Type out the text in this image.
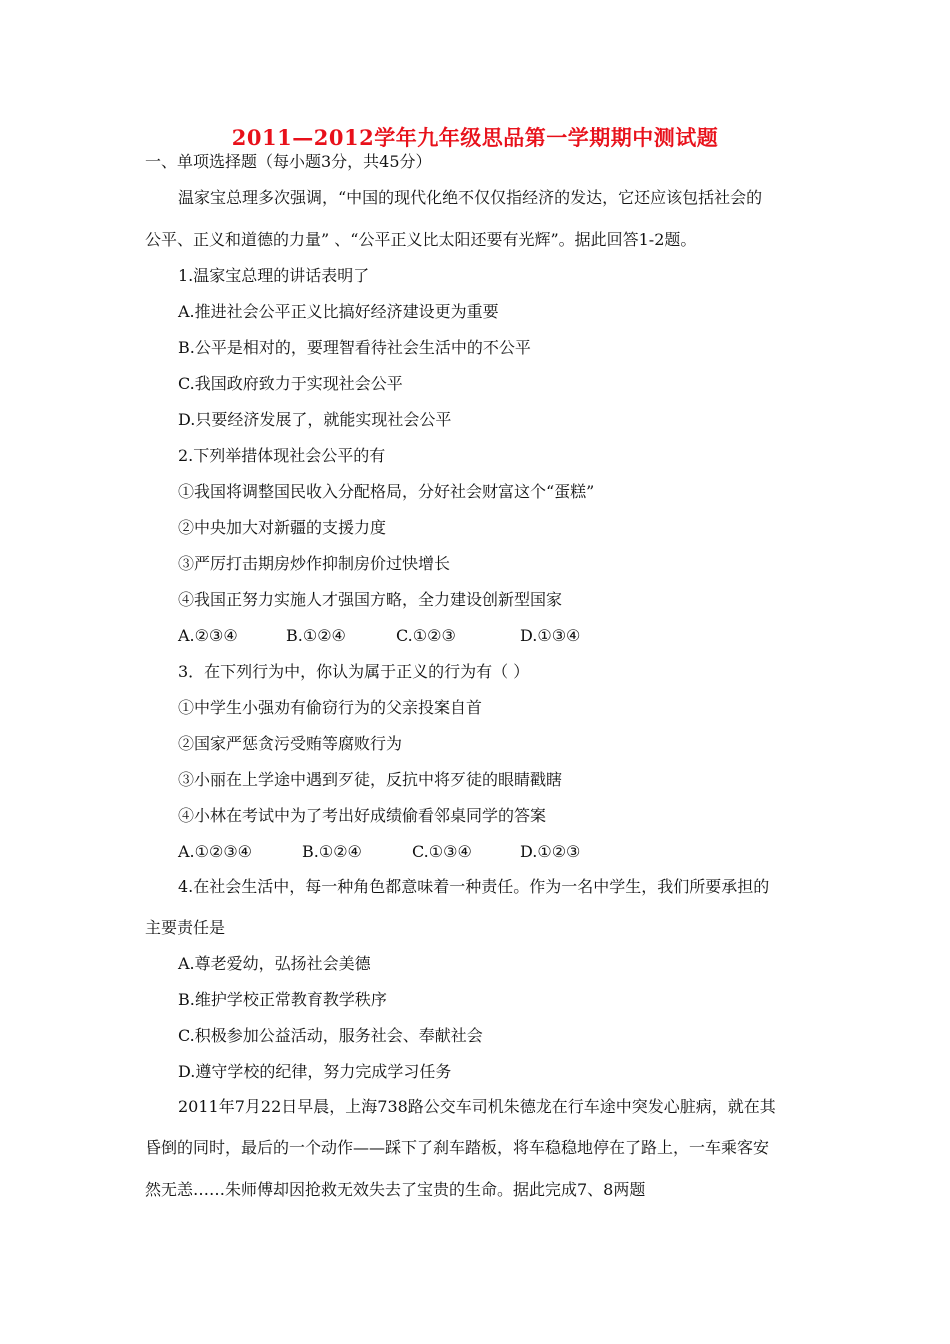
2011—2012学年九年级思品第一学期期中测试题
一、单项选择题（每小题3分，共45分）
温家宝总理多次强调，“中国的现代化绝不仅仅指经济的发达，它还应该包括社会的
公平、正义和道德的力量” 、“公平正义比太阳还要有光辉”。据此回答1-2题。
1.温家宝总理的讲话表明了
A.推进社会公平正义比搞好经济建设更为重要
B.公平是相对的，要理智看待社会生活中的不公平
C.我国政府致力于实现社会公平
D.只要经济发展了，就能实现社会公平
2.下列举措体现社会公平的有
①我国将调整国民收入分配格局，分好社会财富这个“蛋糕”
②中央加大对新疆的支援力度
③严厉打击期房炒作抑制房价过快增长
④我国正努力实施人才强国方略，全力建设创新型国家
A.②③④	B.①②④	C.①②③	D.①③④
3．在下列行为中，你认为属于正义的行为有（ ）
①中学生小强劝有偷窃行为的父亲投案自首
②国家严惩贪污受贿等腐败行为
③小丽在上学途中遇到歹徒，反抗中将歹徒的眼睛戳瞎
④小林在考试中为了考出好成绩偷看邻桌同学的答案
A.①②③④	B.①②④	C.①③④	D.①②③
4.在社会生活中，每一种角色都意味着一种责任。作为一名中学生，我们所要承担的
主要责任是
A.尊老爱幼，弘扬社会美德
B.维护学校正常教育教学秩序
C.积极参加公益活动，服务社会、奉献社会
D.遵守学校的纪律，努力完成学习任务
2011年7月22日早晨，上海738路公交车司机朱德龙在行车途中突发心脏病，就在其
昏倒的同时，最后的一个动作——踩下了刹车踏板，将车稳稳地停在了路上，一车乘客安
然无恙……朱师傅却因抢救无效失去了宝贵的生命。据此完成7、8两题
